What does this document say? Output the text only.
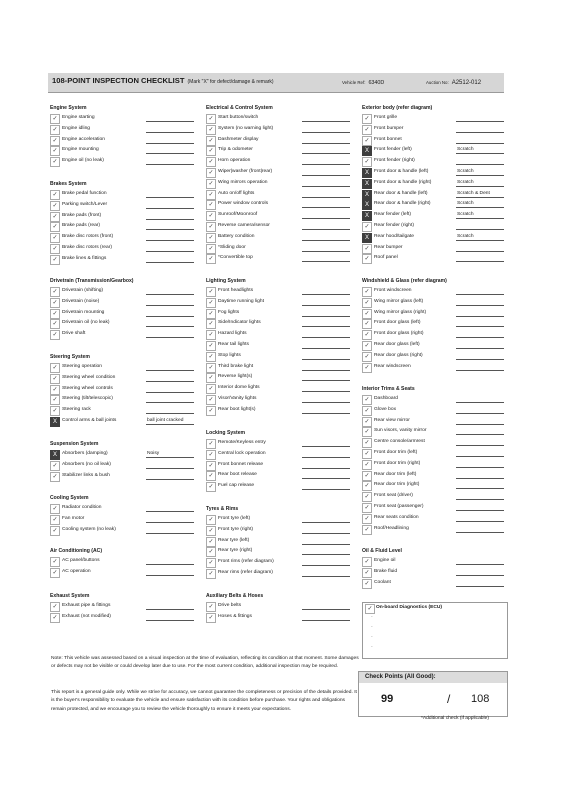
108-POINT INSPECTION CHECKLIST (Mark "X" for defect/damage & remark)	Vehicle Ref: 6340D	Auction No: A2512-012
Engine System
✓ Engine starting
✓ Engine idling
✓ Engine acceleration
✓ Engine mounting
✓ Engine oil (no leak)
Brakes System
✓ Brake pedal function
✓ Parking switch/Lever
✓ Brake pads (front)
✓ Brake pads (rear)
✓ Brake disc rotors (front)
✓ Brake disc rotors (rear)
✓ Brake lines & fittings
Drivetrain (Transmission/Gearbox)
✓ Drivetrain (shifting)
✓ Drivetrain (noise)
✓ Drivetrain mounting
✓ Drivetrain oil (no leak)
✓ Drive shaft
Steering System
✓ Steering operation
✓ Steering wheel condition
✓ Steering wheel controls
✓ Steering (tilt/telescopic)
✓ Steering rack
X	Control arms & ball joints	ball joint cracked
Suspension System
X	Absorbers (damping)	Noisy
✓ Absorbers (no oil leak)
✓ Stabilizer links & bush
Cooling System
✓ Radiator condition
✓ Fan motor
✓ Cooling system (no leak)
Air Conditioning (AC)
✓ AC panel/buttons
✓ AC operation
Exhaust System
✓ Exhaust pipe & fittings
✓ Exhaust (not modified)
Electrical & Control System
✓ Start button/switch
✓ System (no warning light)
✓ Dashmeter display
✓ Trip & odometer
✓ Horn operation
✓ Wiper|washer (front|rear)
✓ Wing mirrors operation
✓ Auto on/off lights
✓ Power window controls
✓ Sunroof/Moonroof
✓ Reverse camera/sensor
✓ Battery condition
✓ *Sliding door
✓ *Convertible top
Lighting System
✓ Front headlights
✓ Daytime running light
✓ Fog lights
✓ Side/Indicator lights
✓ Hazard lights
✓ Rear tail lights
✓ Stop lights
✓ Third brake light
✓ Reverse light(s)
✓ Interior dome lights
✓ Visor/Vanity lights
✓ Rear boot light(s)
Locking System
✓ Remote/Keyless entry
✓ Central lock operation
✓ Front bonnet release
✓ Rear boot release
✓ Fuel cap release
Tyres & Rims
✓ Front tyre (left)
✓ Front tyre (right)
✓ Rear tyre (left)
✓ Rear tyre (right)
✓ Front rims (refer diagram)
✓ Rear rims (refer diagram)
Auxiliary Belts & Hoses
✓ Drive belts
✓ Hoses & fittings
Exterior body (refer diagram)
✓ Front grille
✓ Front bumper
✓ Front bonnet
X	Front fender (left)	Scratch
✓ Front fender (right)
X	Front door & handle (left)	Scratch
X	Front door & handle (right)	Scratch
X	Rear door & handle (left)	Scratch & Dent
X	Rear door & handle (right)	Scratch
X	Rear fender (left)	Scratch
✓ Rear fender (right)
X	Rear hood/tailgate	Scratch
✓ Rear bumper
✓ Roof panel
Windshield & Glass (refer diagram)
✓ Front windscreen
✓ Wing mirror glass (left)
✓ Wing mirror glass (right)
✓ Front door glass (left)
✓ Front door glass (right)
✓ Rear door glass (left)
✓ Rear door glass (right)
✓ Rear windscreen
Interior Trims & Seats
✓ Dashboard
✓ Glove box
✓ Rear view mirror
✓ Sun visors, vanity mirror
✓ Centre console/armrest
✓ Front door trim (left)
✓ Front door trim (right)
✓ Rear door trim (left)
✓ Rear door trim (right)
✓ Front seat (driver)
✓ Front seat (passenger)
✓ Rear seats condition
✓ Roof/Headlining
Oil & Fluid Level
✓ Engine oil
✓ Brake fluid
✓ Coolant
✓ On-board Diagnostics (ECU)
-
-
-
-
Note: This vehicle was assessed based on a visual inspection at the time of evaluation, reflecting its condition at that moment. Some damages or defects may not be visible or could develop later due to use. For the most current condition, additional inspection may be required.
This report is a general guide only. While we strive for accuracy, we cannot guarantee the completeness or precision of the details provided. It is the buyer's responsibility to evaluate the vehicle and ensure satisfaction with its condition before purchase. Your rights and obligations remain protected, and we encourage you to review the vehicle thoroughly to ensure it meets your expectations.
Check Points (All Good):
99	/ 108
*Additional check (if applicable)
